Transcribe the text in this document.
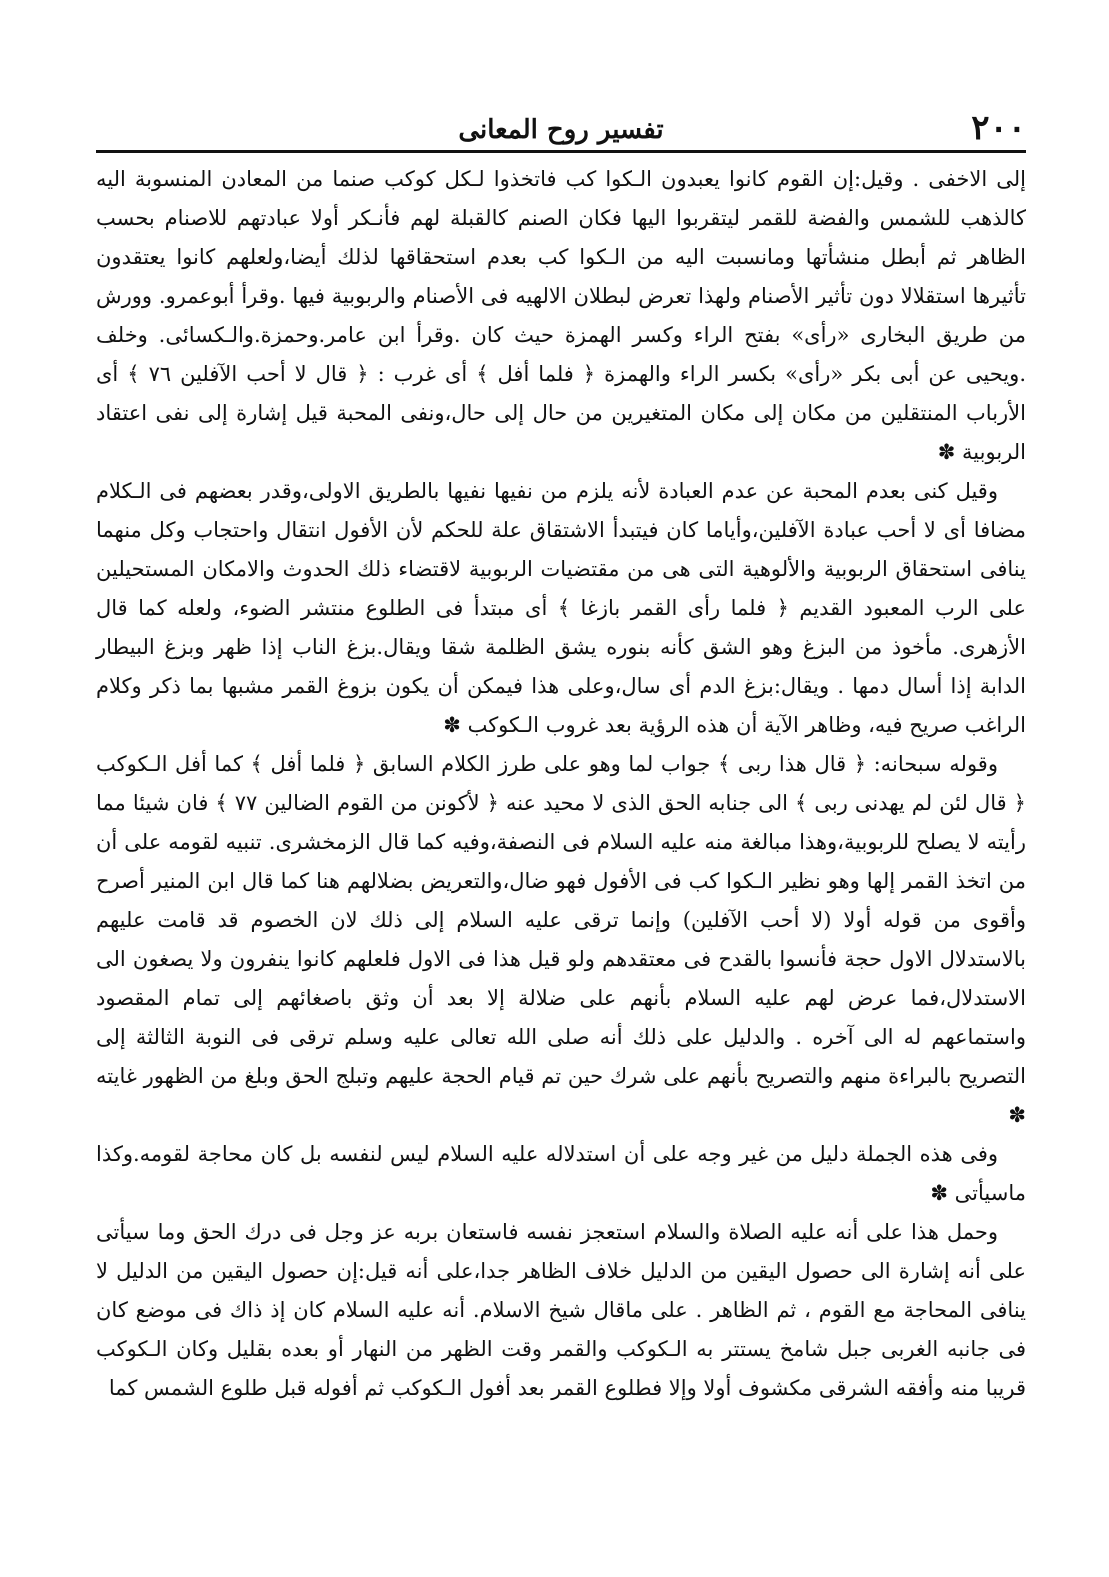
٢٠٠
تفسير روح المعانى

إلى الاخفى . وقيل:إن القوم كانوا يعبدون الـكوا كب فاتخذوا لـكل كوكب صنما من المعادن المنسوبة اليه كالذهب للشمس والفضة للقمر ليتقربوا اليها فكان الصنم كالقبلة لهم فأنـكر أولا عبادتهم للاصنام بحسب الظاهر ثم أبطل منشأتها ومانسبت اليه من الـكوا كب بعدم استحقاقها لذلك أيضا،ولعلهم كانوا يعتقدون تأثيرها استقلالا دون تأثير الأصنام ولهذا تعرض لبطلان الالهيه فى الأصنام والربوبية فيها .وقرأ أبوعمرو. وورش من طريق البخارى «رأى» بفتح الراء وكسر الهمزة حيث كان .وقرأ ابن عامر.وحمزة.والـكسائى. وخلف .ويحيى عن أبى بكر «رأى» بكسر الراء والهمزة ﴿ فلما أفل ﴾ أى غرب : ﴿ قال لا أحب الآفلين ٧٦ ﴾ أى الأرباب المنتقلين من مكان إلى مكان المتغيرين من حال إلى حال،ونفى المحبة قيل إشارة إلى نفى اعتقاد الربوبية ✽

وقيل كنى بعدم المحبة عن عدم العبادة لأنه يلزم من نفيها نفيها بالطريق الاولى،وقدر بعضهم فى الـكلام مضافا أى لا أحب عبادة الآفلين،وأياما كان فيتبدأ الاشتقاق علة للحكم لأن الأفول انتقال واحتجاب وكل منهما ينافى استحقاق الربوبية والألوهية التى هى من مقتضيات الربوبية لاقتضاء ذلك الحدوث والامكان المستحيلين على الرب المعبود القديم ﴿ فلما رأى القمر بازغا ﴾ أى مبتدأ فى الطلوع منتشر الضوء، ولعله كما قال الأزهرى. مأخوذ من البزغ وهو الشق كأنه بنوره يشق الظلمة شقا ويقال.بزغ الناب إذا ظهر وبزغ البيطار الدابة إذا أسال دمها . ويقال:بزغ الدم أى سال،وعلى هذا فيمكن أن يكون بزوغ القمر مشبها بما ذكر وكلام الراغب صريح فيه، وظاهر الآية أن هذه الرؤية بعد غروب الـكوكب ✽

وقوله سبحانه: ﴿ قال هذا ربى ﴾ جواب لما وهو على طرز الكلام السابق ﴿ فلما أفل ﴾ كما أفل الـكوكب ﴿ قال لئن لم يهدنى ربى ﴾ الى جنابه الحق الذى لا محيد عنه ﴿ لأكونن من القوم الضالين ٧٧ ﴾ فان شيئا مما رأيته لا يصلح للربوبية،وهذا مبالغة منه عليه السلام فى النصفة،وفيه كما قال الزمخشرى. تنبيه لقومه على أن من اتخذ القمر إلها وهو نظير الـكوا كب فى الأفول فهو ضال،والتعريض بضلالهم هنا كما قال ابن المنير أصرح وأقوى من قوله أولا (لا أحب الآفلين) وإنما ترقى عليه السلام إلى ذلك لان الخصوم قد قامت عليهم بالاستدلال الاول حجة فأنسوا بالقدح فى معتقدهم ولو قيل هذا فى الاول فلعلهم كانوا ينفرون ولا يصغون الى الاستدلال،فما عرض لهم عليه السلام بأنهم على ضلالة إلا بعد أن وثق باصغائهم إلى تمام المقصود واستماعهم له الى آخره . والدليل على ذلك أنه صلى الله تعالى عليه وسلم ترقى فى النوبة الثالثة إلى التصريح بالبراءة منهم والتصريح بأنهم على شرك حين تم قيام الحجة عليهم وتبلج الحق وبلغ من الظهور غايته ✽

وفى هذه الجملة دليل من غير وجه على أن استدلاله عليه السلام ليس لنفسه بل كان محاجة لقومه.وكذا ماسيأتى ✽

وحمل هذا على أنه عليه الصلاة والسلام استعجز نفسه فاستعان بربه عز وجل فى درك الحق وما سيأتى على أنه إشارة الى حصول اليقين من الدليل خلاف الظاهر جدا،على أنه قيل:إن حصول اليقين من الدليل لا ينافى المحاجة مع القوم ، ثم الظاهر . على ماقال شيخ الاسلام. أنه عليه السلام كان إذ ذاك فى موضع كان فى جانبه الغربى جبل شامخ يستتر به الـكوكب والقمر وقت الظهر من النهار أو بعده بقليل وكان الـكوكب قريبا منه وأفقه الشرقى مكشوف أولا وإلا فطلوع القمر بعد أفول الـكوكب ثم أفوله قبل طلوع الشمس كما
